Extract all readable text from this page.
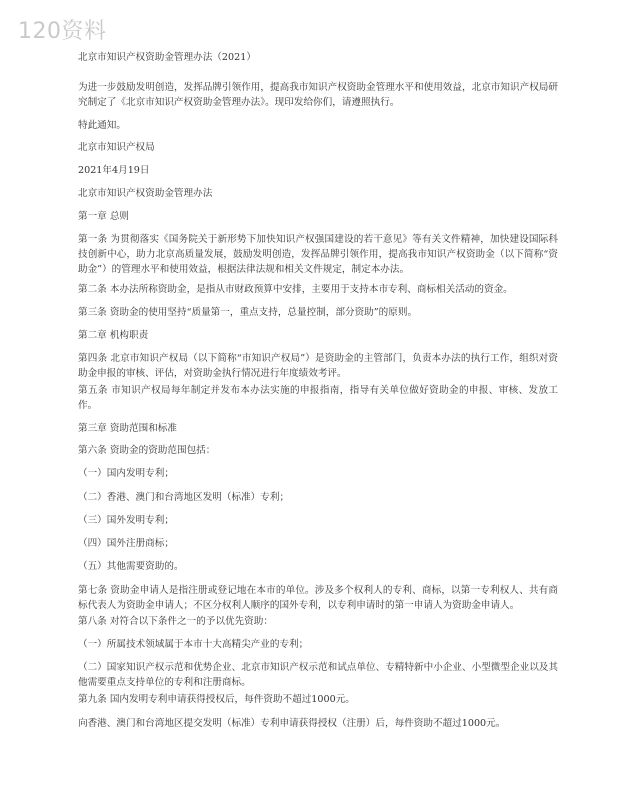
120资料

北京市知识产权资助金管理办法（2021）

为进一步鼓励发明创造，发挥品牌引领作用，提高我市知识产权资助金管理水平和使用效益，北京市知识产权局研究制定了《北京市知识产权资助金管理办法》。现印发给你们，请遵照执行。

特此通知。

北京市知识产权局

2021年4月19日

北京市知识产权资助金管理办法

第一章 总则

第一条 为贯彻落实《国务院关于新形势下加快知识产权强国建设的若干意见》等有关文件精神，加快建设国际科技创新中心，助力北京高质量发展，鼓励发明创造，发挥品牌引领作用，提高我市知识产权资助金（以下简称“资助金”）的管理水平和使用效益，根据法律法规和相关文件规定，制定本办法。

第二条 本办法所称资助金，是指从市财政预算中安排，主要用于支持本市专利、商标相关活动的资金。

第三条 资助金的使用坚持“质量第一，重点支持，总量控制，部分资助”的原则。

第二章 机构职责

第四条 北京市知识产权局（以下简称“市知识产权局”）是资助金的主管部门，负责本办法的执行工作，组织对资助金申报的审核、评估，对资助金执行情况进行年度绩效考评。

第五条 市知识产权局每年制定并发布本办法实施的申报指南，指导有关单位做好资助金的申报、审核、发放工作。

第三章 资助范围和标准

第六条 资助金的资助范围包括：

（一）国内发明专利；

（二）香港、澳门和台湾地区发明（标准）专利；

（三）国外发明专利；

（四）国外注册商标；

（五）其他需要资助的。

第七条 资助金申请人是指注册或登记地在本市的单位。涉及多个权利人的专利、商标，以第一专利权人、共有商标代表人为资助金申请人；不区分权利人顺序的国外专利，以专利申请时的第一申请人为资助金申请人。

第八条 对符合以下条件之一的予以优先资助：

（一）所属技术领域属于本市十大高精尖产业的专利；

（二）国家知识产权示范和优势企业、北京市知识产权示范和试点单位、专精特新中小企业、小型微型企业以及其他需要重点支持单位的专利和注册商标。

第九条 国内发明专利申请获得授权后，每件资助不超过1000元。

向香港、澳门和台湾地区提交发明（标准）专利申请获得授权（注册）后，每件资助不超过1000元。
